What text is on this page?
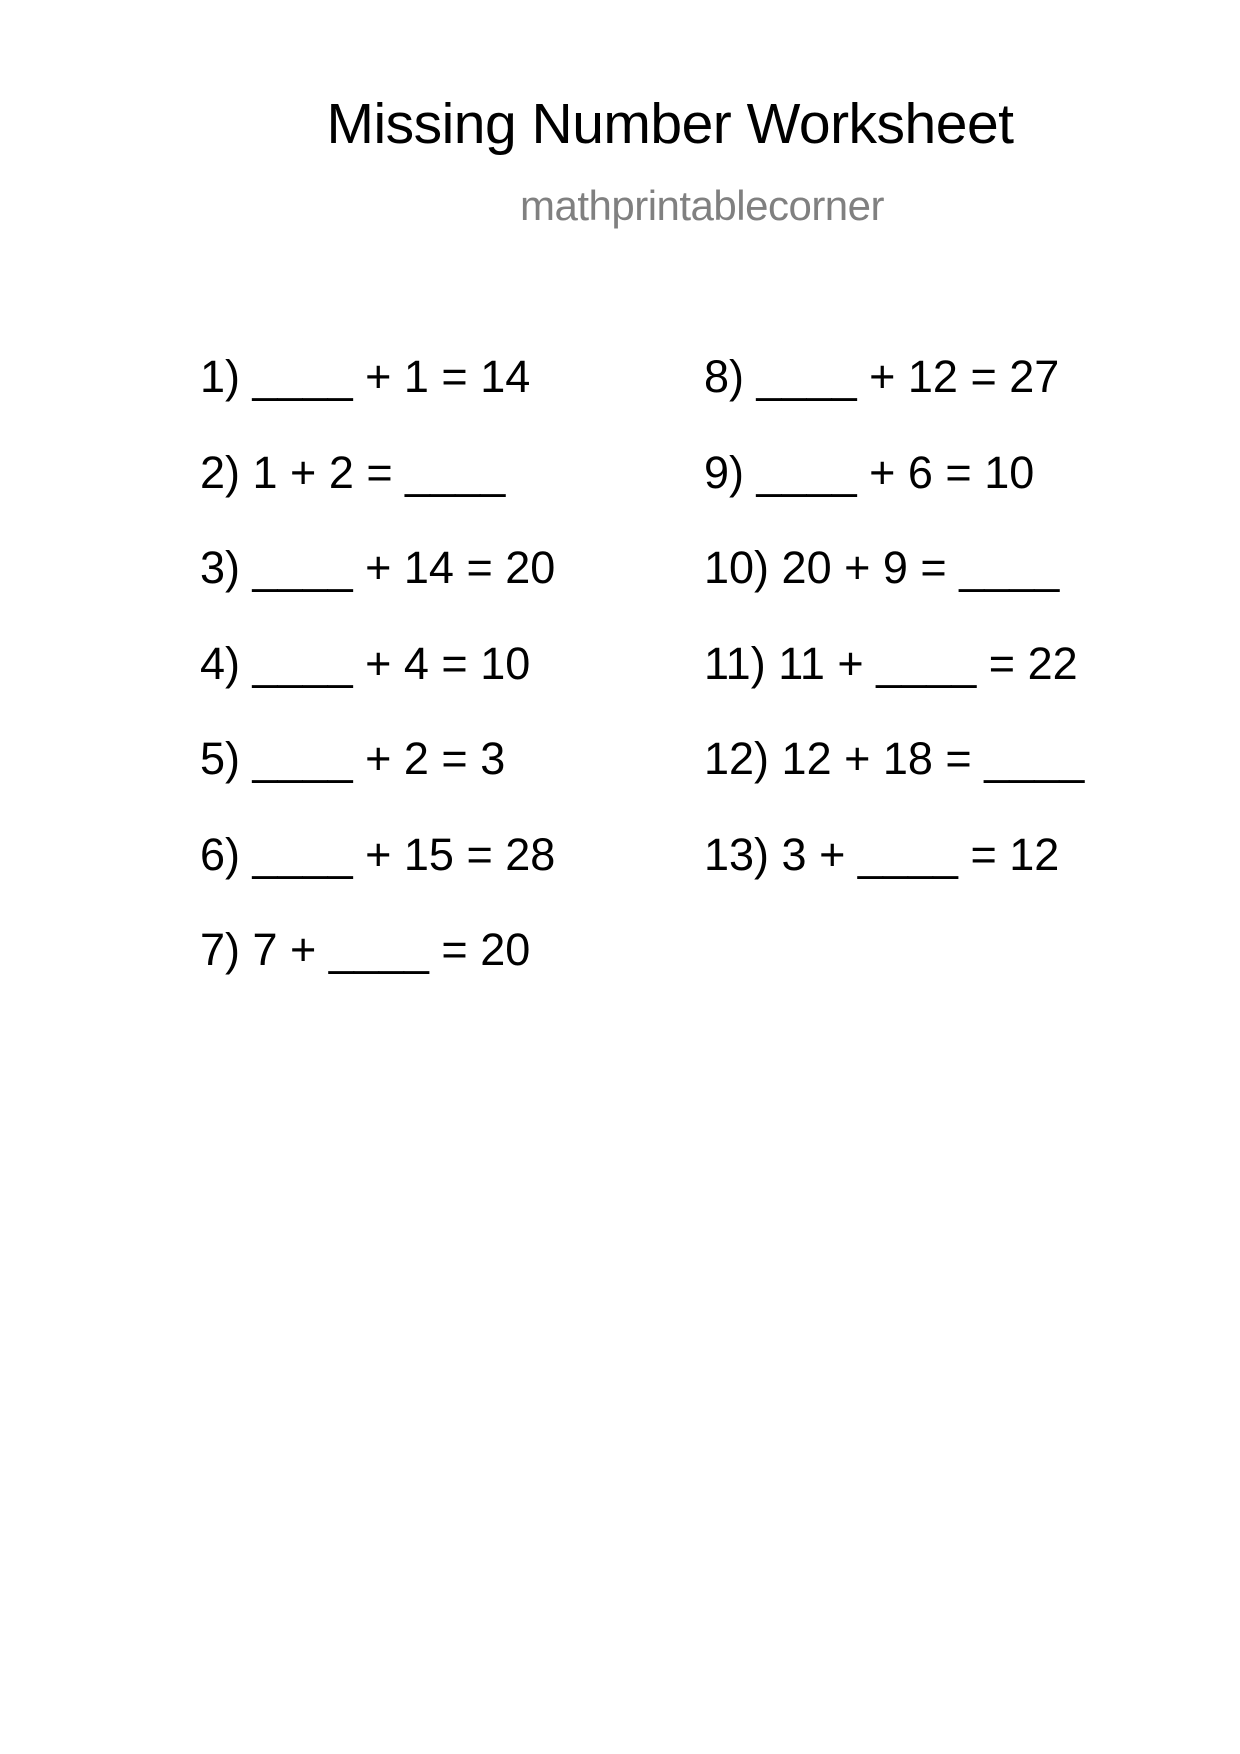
Missing Number Worksheet
mathprintablecorner
1) ____ + 1 = 14
2) 1 + 2 = ____
3) ____ + 14 = 20
4) ____ + 4 = 10
5) ____ + 2 = 3
6) ____ + 15 = 28
7) 7 + ____ = 20
8) ____ + 12 = 27
9) ____ + 6 = 10
10) 20 + 9 = ____
11) 11 + ____ = 22
12) 12 + 18 = ____
13) 3 + ____ = 12
